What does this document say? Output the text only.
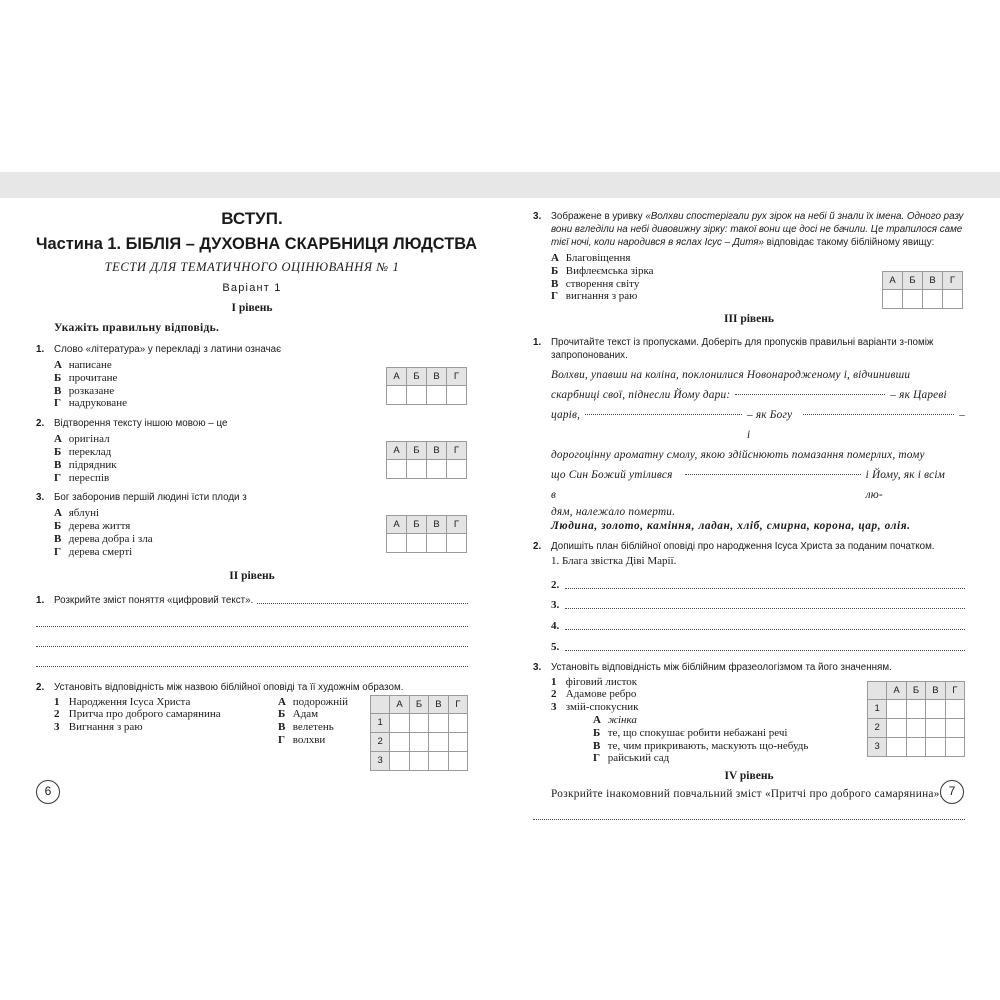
ВСТУП.
Частина 1. БІБЛІЯ – ДУХОВНА СКАРБНИЦЯ ЛЮДСТВА
ТЕСТИ ДЛЯ ТЕМАТИЧНОГО ОЦІНЮВАННЯ № 1
Варіант 1
І рівень
Укажіть правильну відповідь.
1.	Слово «література» у перекладі з латини означає
А написане
Б прочитане
В розказане
Г надруковане
А	Б	В	Г

2.	Відтворення тексту іншою мовою – це
А оригінал
Б переклад
В підрядник
Г переспів
А	Б	В	Г

3.	Бог заборонив першій людині їсти плоди з
А яблуні
Б дерева життя
В дерева добра і зла
Г дерева смерті
А	Б	В	Г

ІІ рівень
1.	Розкрийте зміст поняття «цифровий текст».
2.	Установіть відповідність між назвою біблійної оповіді та її художнім образом.
1 Народження Ісуса Христа
2 Притча про доброго самарянина
3 Вигнання з раю
А подорожній
Б Адам
В велетень
Г волхви
	А	Б	В	Г
1				
2				
3				
6
3.	Зображене в уривку «Волхви спостерігали рух зірок на небі й знали їх імена. Одного разу вони вгледіли на небі дивовижну зірку: такої вони ще досі не бачили. Це трапилося саме тієї ночі, коли народився в яслах Ісус – Дитя» відповідає такому біблійному явищу:
А Благовіщення
Б Вифлеємська зірка
В створення світу
Г вигнання з раю
А	Б	В	Г

ІІІ рівень
1.	Прочитайте текст із пропусками. Доберіть для пропусків правильні варіанти з-поміж запропонованих.
Волхви, упавши на коліна, поклонилися Новонародженому і, відчинивши
скарбниці свої, піднесли Йому дари:	– як Цареві
царів,	– як Богу і
–
дорогоцінну ароматну смолу, якою здійснюють помазання померлих, тому
що Син Божий утілився в
і Йому, як і всім лю-
дям, належало померти.
Людина, золото, каміння, ладан, хліб, смирна, корона, цар, олія.
2.	Допишіть план біблійної оповіді про народження Ісуса Христа за поданим початком.
1. Блага звістка Діві Марії.
2.
3.
4.
5.
3.	Установіть відповідність між біблійним фразеологізмом та його значенням.
1 фіговий листок
2 Адамове ребро
3 змій-спокусник
А жінка
Б те, що спокушає робити небажані речі
В те, чим прикривають, маскують що-небудь
Г райський сад
	А	Б	В	Г
1				
2				
3				
IV рівень
Розкрийте інакомовний повчальний зміст «Притчі про доброго самарянина». 7
